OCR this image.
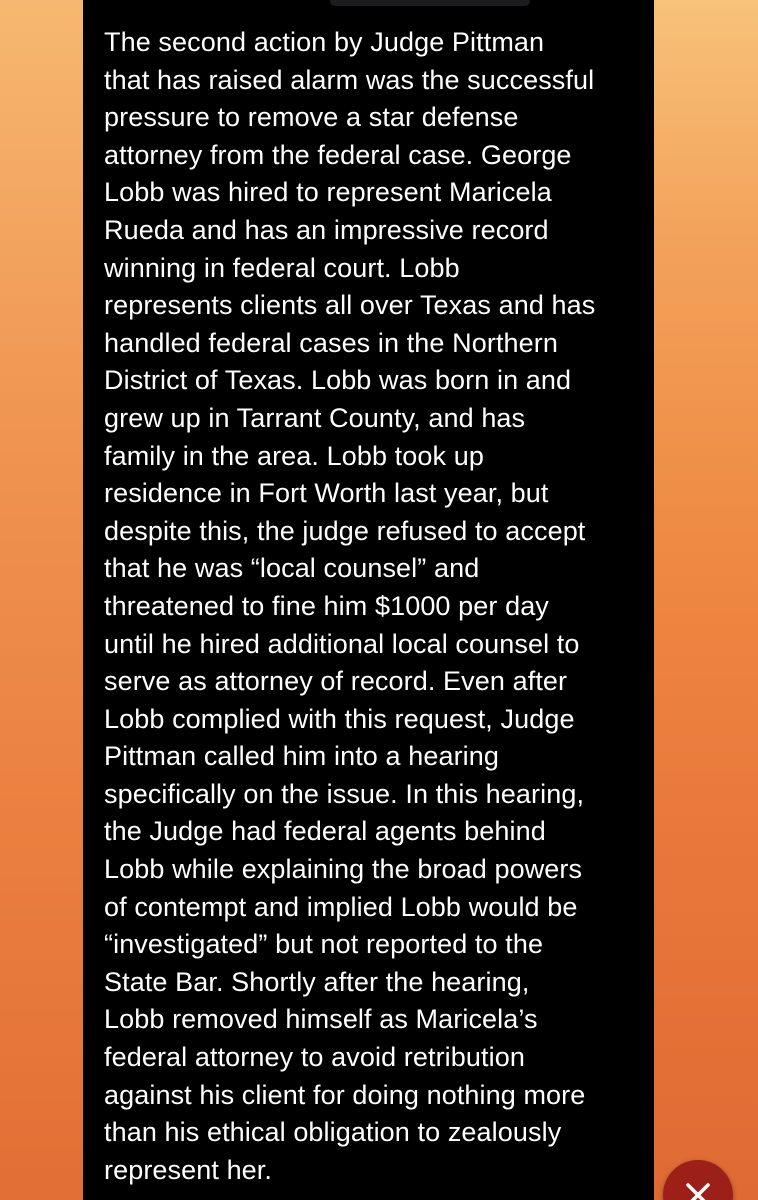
The second action by Judge Pittman
that has raised alarm was the successful
pressure to remove a star defense
attorney from the federal case. George
Lobb was hired to represent Maricela
Rueda and has an impressive record
winning in federal court. Lobb
represents clients all over Texas and has
handled federal cases in the Northern
District of Texas. Lobb was born in and
grew up in Tarrant County, and has
family in the area. Lobb took up
residence in Fort Worth last year, but
despite this, the judge refused to accept
that he was “local counsel” and
threatened to fine him $1000 per day
until he hired additional local counsel to
serve as attorney of record. Even after
Lobb complied with this request, Judge
Pittman called him into a hearing
specifically on the issue. In this hearing,
the Judge had federal agents behind
Lobb while explaining the broad powers
of contempt and implied Lobb would be
“investigated” but not reported to the
State Bar. Shortly after the hearing,
Lobb removed himself as Maricela’s
federal attorney to avoid retribution
against his client for doing nothing more
than his ethical obligation to zealously
represent her.
